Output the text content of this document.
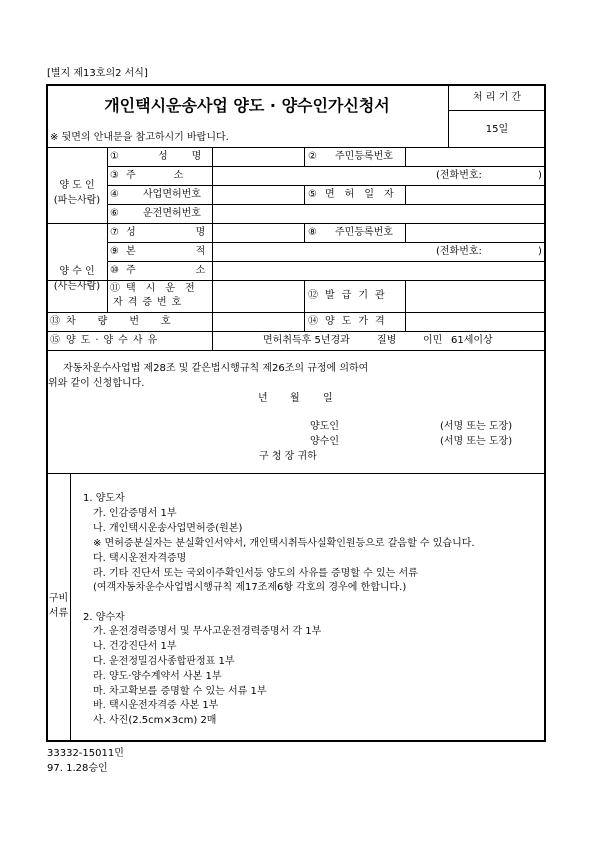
[별지 제13호의2 서식]
개인택시운송사업 양도 · 양수인가신청서
※ 뒷면의 안내문을 참고하시기 바랍니다.
처 리 기 간
15일
양 도 인
(파는사람)
①	성명	② 주민등록번호
③ 주소	(전화번호:	)
④ 사업면허번호	⑤ 면허일자
⑥ 운전면허번호
양 수 인
(사는사람)
⑦ 성명	⑧ 주민등록번호
⑨ 본적	(전화번호:	)
⑩ 주소
⑪ 택시운전
자격증번호
⑫ 발급기관
⑬ 차량번호	⑭ 양도가격
⑮ 양도·양수사유	면허취득후 5년경과	질병	이민 61세이상
자동차운수사업법 제28조 및 같은법시행규칙 제26조의 규정에 의하여
위와 같이 신청합니다.
년 월 일
양도인	(서명 또는 도장)
양수인	(서명 또는 도장)
구 청 장 귀하
구비
서류
1. 양도자
가. 인감증명서 1부
나. 개인택시운송사업면허증(원본)
※ 면허증분실자는 분실확인서약서, 개인택시취득사실확인원등으로 갈음할 수 있습니다.
다. 택시운전자격증명
라. 기타 진단서 또는 국외이주확인서등 양도의 사유를 증명할 수 있는 서류
(여객자동차운수사업법시행규칙 제17조제6항 각호의 경우에 한합니다.)
2. 양수자
가. 운전경력증명서 및 무사고운전경력증명서 각 1부
나. 건강진단서 1부
다. 운전정밀검사종합판정표 1부
라. 양도·양수계약서 사본 1부
마. 차고확보를 증명할 수 있는 서류 1부
바. 택시운전자격증 사본 1부
사. 사진(2.5cm×3cm) 2매
33332-15011민
97. 1.28승인
